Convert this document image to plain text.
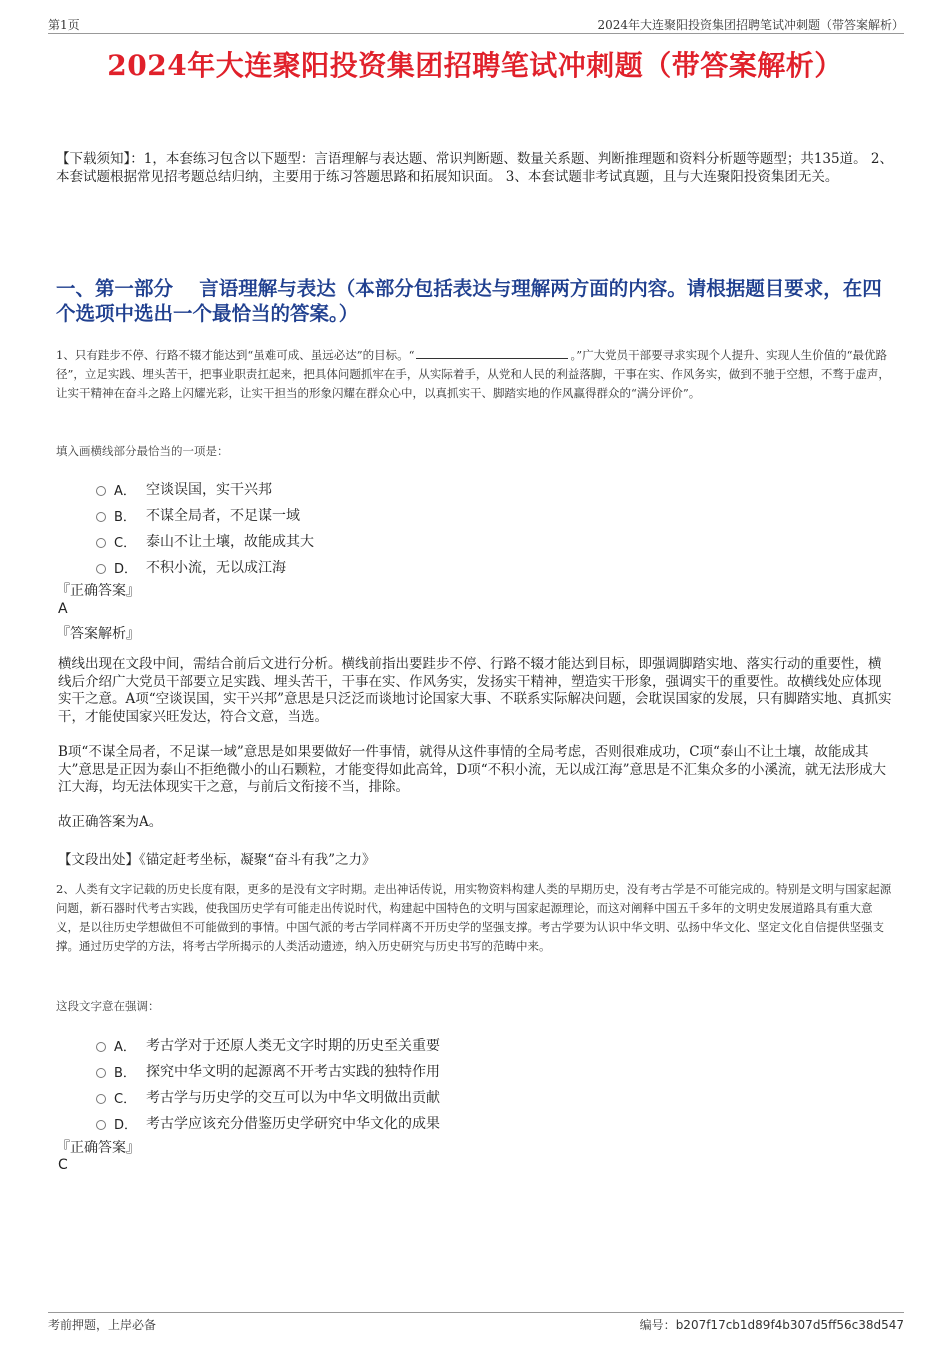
第1页	2024年大连聚阳投资集团招聘笔试冲刺题（带答案解析）
2024年大连聚阳投资集团招聘笔试冲刺题（带答案解析）

【下载须知】：1，本套练习包含以下题型：言语理解与表达题、常识判断题、数量关系题、判断推理题和资料分析题等题型；共135道。 2、本套试题根据常见招考题总结归纳，主要用于练习答题思路和拓展知识面。 3、本套试题非考试真题，且与大连聚阳投资集团无关。

一、第一部分　 言语理解与表达（本部分包括表达与理解两方面的内容。请根据题目要求，在四个选项中选出一个最恰当的答案。）

1、只有跬步不停、行路不辍才能达到“虽难可成、虽远必达”的目标。“	。”广大党员干部要寻求实现个人提升、实现人生价值的“最优路径”，立足实践、埋头苦干，把事业职责扛起来，把具体问题抓牢在手，从实际着手，从党和人民的利益落脚，干事在实、作风务实，做到不驰于空想，不骛于虚声，让实干精神在奋斗之路上闪耀光彩，让实干担当的形象闪耀在群众心中，以真抓实干、脚踏实地的作风赢得群众的“满分评价”。

填入画横线部分最恰当的一项是：

A． 空谈误国，实干兴邦
B． 不谋全局者，不足谋一域
C． 泰山不让土壤，故能成其大
D． 不积小流，无以成江海
『正确答案』
A
『答案解析』

横线出现在文段中间，需结合前后文进行分析。横线前指出要跬步不停、行路不辍才能达到目标，即强调脚踏实地、落实行动的重要性，横线后介绍广大党员干部要立足实践、埋头苦干，干事在实、作风务实，发扬实干精神，塑造实干形象，强调实干的重要性。故横线处应体现实干之意。A项“空谈误国，实干兴邦”意思是只泛泛而谈地讨论国家大事、不联系实际解决问题，会耽误国家的发展，只有脚踏实地、真抓实干，才能使国家兴旺发达，符合文意，当选。

B项“不谋全局者，不足谋一域”意思是如果要做好一件事情，就得从这件事情的全局考虑，否则很难成功，C项“泰山不让土壤，故能成其大”意思是正因为泰山不拒绝微小的山石颗粒，才能变得如此高耸，D项“不积小流，无以成江海”意思是不汇集众多的小溪流，就无法形成大江大海，均无法体现实干之意，与前后文衔接不当，排除。

故正确答案为A。

【文段出处】《锚定赶考坐标，凝聚“奋斗有我”之力》

2、人类有文字记载的历史长度有限，更多的是没有文字时期。走出神话传说，用实物资料构建人类的早期历史，没有考古学是不可能完成的。特别是文明与国家起源问题，新石器时代考古实践，使我国历史学有可能走出传说时代，构建起中国特色的文明与国家起源理论，而这对阐释中国五千多年的文明史发展道路具有重大意义，是以往历史学想做但不可能做到的事情。中国气派的考古学同样离不开历史学的坚强支撑。考古学要为认识中华文明、弘扬中华文化、坚定文化自信提供坚强支撑。通过历史学的方法，将考古学所揭示的人类活动遗迹，纳入历史研究与历史书写的范畴中来。

这段文字意在强调：

A． 考古学对于还原人类无文字时期的历史至关重要
B． 探究中华文明的起源离不开考古实践的独特作用
C． 考古学与历史学的交互可以为中华文明做出贡献
D． 考古学应该充分借鉴历史学研究中华文化的成果
『正确答案』
C
考前押题，上岸必备	编号：b207f17cb1d89f4b307d5ff56c38d547
